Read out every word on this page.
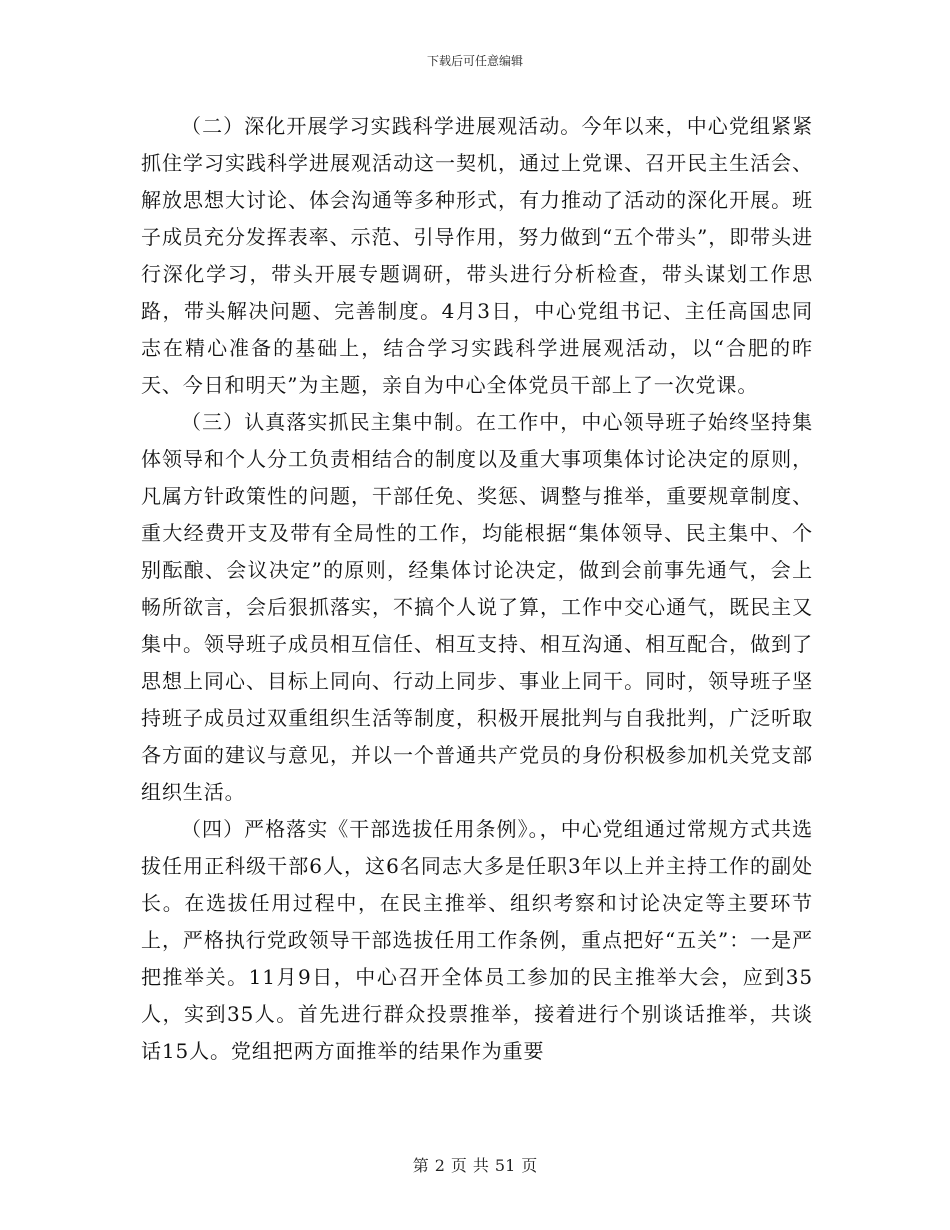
下载后可任意编辑

（二）深化开展学习实践科学进展观活动。今年以来，中心党组紧紧抓住学习实践科学进展观活动这一契机，通过上党课、召开民主生活会、解放思想大讨论、体会沟通等多种形式，有力推动了活动的深化开展。班子成员充分发挥表率、示范、引导作用，努力做到“五个带头”，即带头进行深化学习，带头开展专题调研，带头进行分析检查，带头谋划工作思路，带头解决问题、完善制度。4月3日，中心党组书记、主任高国忠同志在精心准备的基础上，结合学习实践科学进展观活动，以“合肥的昨天、今日和明天”为主题，亲自为中心全体党员干部上了一次党课。

（三）认真落实抓民主集中制。在工作中，中心领导班子始终坚持集体领导和个人分工负责相结合的制度以及重大事项集体讨论决定的原则，凡属方针政策性的问题，干部任免、奖惩、调整与推举，重要规章制度、重大经费开支及带有全局性的工作，均能根据“集体领导、民主集中、个别酝酿、会议决定”的原则，经集体讨论决定，做到会前事先通气，会上畅所欲言，会后狠抓落实，不搞个人说了算，工作中交心通气，既民主又集中。领导班子成员相互信任、相互支持、相互沟通、相互配合，做到了思想上同心、目标上同向、行动上同步、事业上同干。同时，领导班子坚持班子成员过双重组织生活等制度，积极开展批判与自我批判，广泛听取各方面的建议与意见，并以一个普通共产党员的身份积极参加机关党支部组织生活。

（四）严格落实《干部选拔任用条例》。，中心党组通过常规方式共选拔任用正科级干部6人，这6名同志大多是任职3年以上并主持工作的副处长。在选拔任用过程中，在民主推举、组织考察和讨论决定等主要环节上，严格执行党政领导干部选拔任用工作条例，重点把好“五关”：一是严把推举关。11月9日，中心召开全体员工参加的民主推举大会，应到35人，实到35人。首先进行群众投票推举，接着进行个别谈话推举，共谈话15人。党组把两方面推举的结果作为重要

第 2 页 共 51 页
